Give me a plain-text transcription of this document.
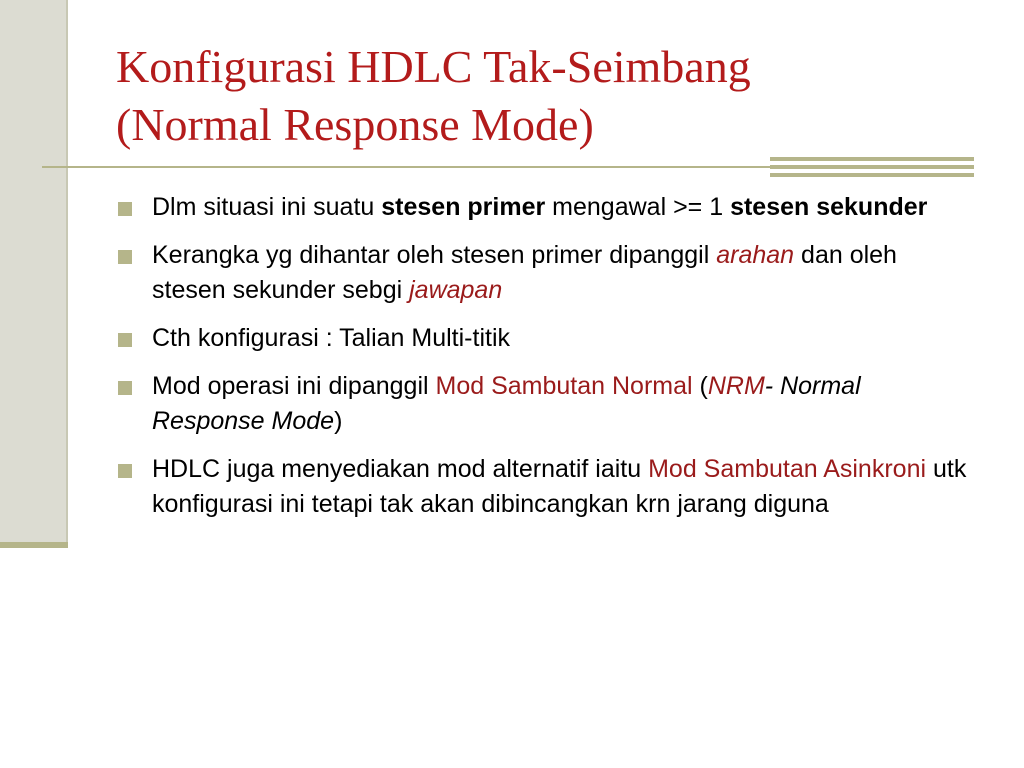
Konfigurasi HDLC Tak-Seimbang
(Normal Response Mode)
Dlm situasi ini suatu stesen primer mengawal >= 1 stesen sekunder
Kerangka yg dihantar oleh stesen primer dipanggil arahan dan oleh stesen sekunder sebgi jawapan
Cth konfigurasi : Talian Multi-titik
Mod operasi ini dipanggil Mod Sambutan Normal (NRM- Normal Response Mode)
HDLC juga menyediakan mod alternatif iaitu Mod Sambutan Asinkroni utk konfigurasi ini tetapi tak akan dibincangkan krn jarang diguna
